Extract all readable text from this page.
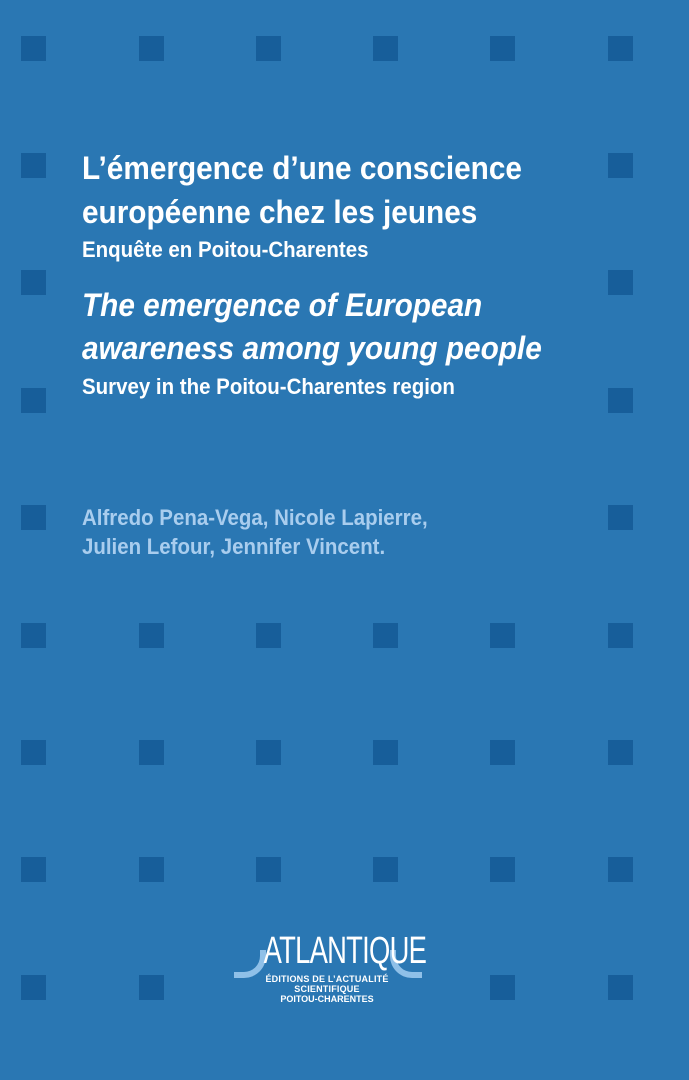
L’émergence d’une conscience
européenne chez les jeunes
Enquête en Poitou-Charentes
The emergence of European
awareness among young people
Survey in the Poitou-Charentes region
Alfredo Pena-Vega, Nicole Lapierre,
Julien Lefour, Jennifer Vincent.
ATLANTIQUE
ÉDITIONS DE L’ACTUALITÉ SCIENTIFIQUE
POITOU-CHARENTES
